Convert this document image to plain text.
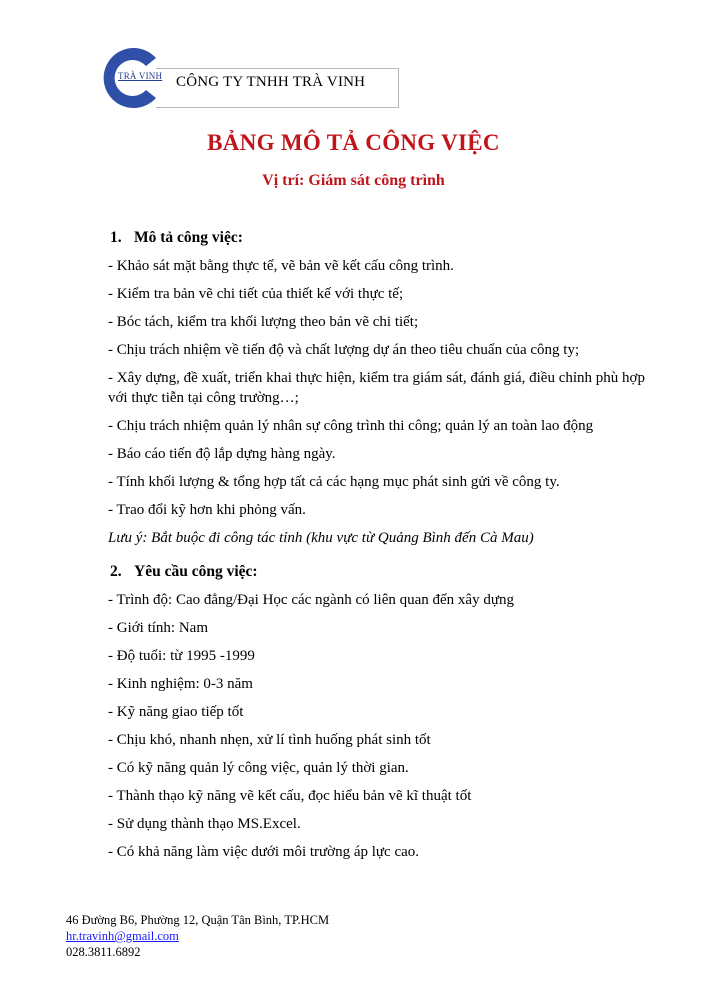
TRÀ VINH CÔNG TY TNHH TRÀ VINH
BẢNG MÔ TẢ CÔNG VIỆC
Vị trí: Giám sát công trình
1. Mô tả công việc:
- Khảo sát mặt bằng thực tế, vẽ bản vẽ kết cấu công trình.
- Kiểm tra bản vẽ chi tiết của thiết kế với thực tế;
- Bóc tách, kiểm tra khối lượng theo bản vẽ chi tiết;
- Chịu trách nhiệm về tiến độ và chất lượng dự án theo tiêu chuẩn của công ty;
- Xây dựng, đề xuất, triển khai thực hiện, kiểm tra giám sát, đánh giá, điều chỉnh phù hợp với thực tiễn tại công trường…;
- Chịu trách nhiệm quản lý nhân sự công trình thi công; quản lý an toàn lao động
- Báo cáo tiến độ lắp dựng hàng ngày.
- Tính khối lượng & tổng hợp tất cả các hạng mục phát sinh gửi về công ty.
- Trao đổi kỹ hơn khi phỏng vấn.
Lưu ý: Bắt buộc đi công tác tỉnh (khu vực từ Quảng Bình đến Cà Mau)
2. Yêu cầu công việc:
- Trình độ: Cao đẳng/Đại Học các ngành có liên quan đến xây dựng
- Giới tính: Nam
- Độ tuổi: từ 1995 -1999
- Kinh nghiệm: 0-3 năm
- Kỹ năng giao tiếp tốt
- Chịu khó, nhanh nhẹn, xử lí tình huống phát sinh tốt
- Có kỹ năng quản lý công việc, quản lý thời gian.
- Thành thạo kỹ năng vẽ kết cấu, đọc hiểu bản vẽ kĩ thuật tốt
- Sử dụng thành thạo MS.Excel.
- Có khả năng làm việc dưới môi trường áp lực cao.
46 Đường B6, Phường 12, Quận Tân Bình, TP.HCM
hr.travinh@gmail.com
028.3811.6892
